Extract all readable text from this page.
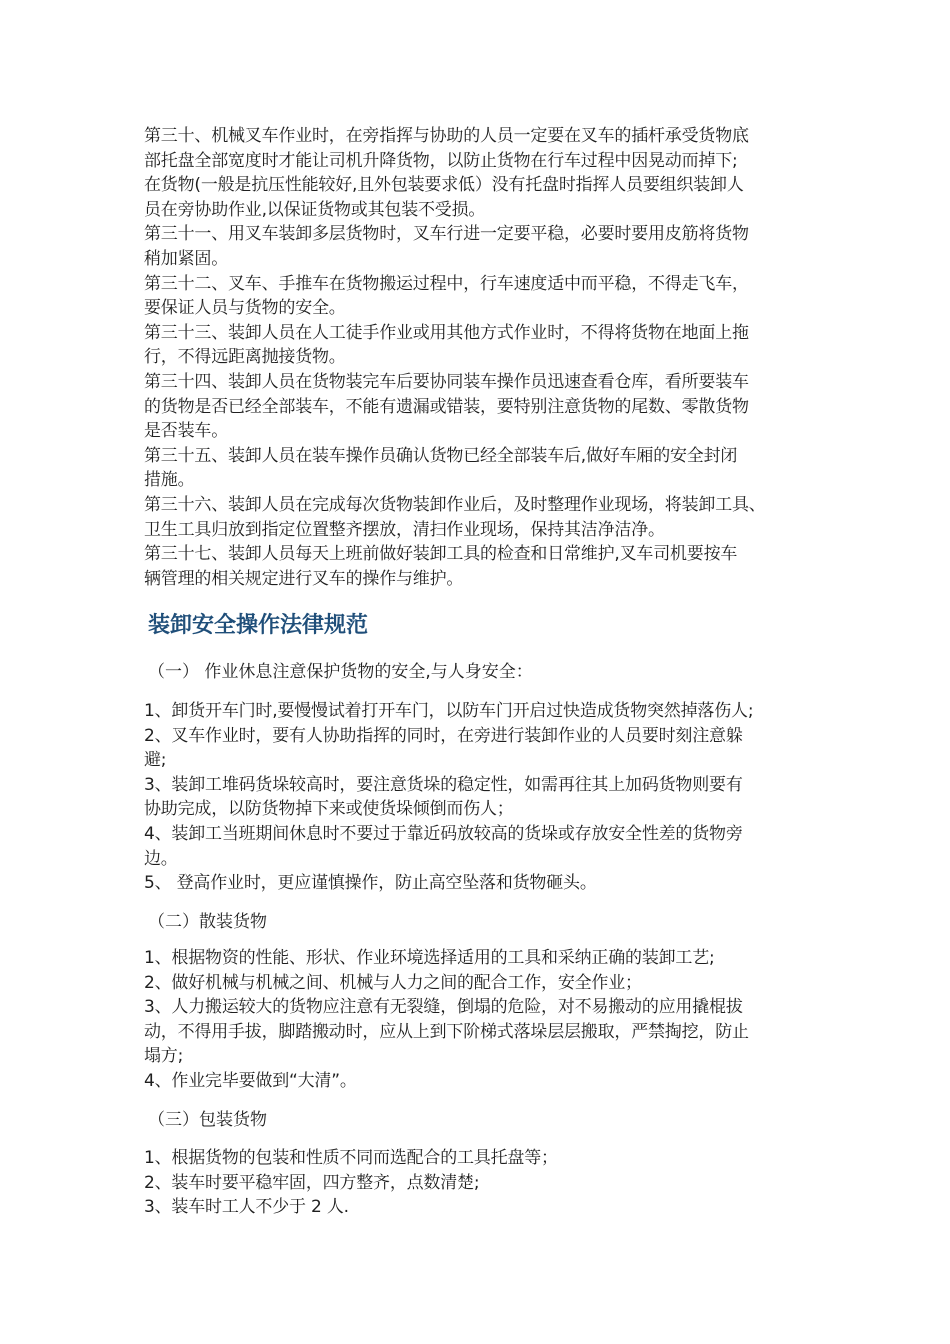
第三十、机械叉车作业时，在旁指挥与协助的人员一定要在叉车的插杆承受货物底
部托盘全部宽度时才能让司机升降货物，以防止货物在行车过程中因晃动而掉下;
在货物(一般是抗压性能较好,且外包装要求低）没有托盘时指挥人员要组织装卸人
员在旁协助作业,以保证货物或其包装不受损。
第三十一、用叉车装卸多层货物时，叉车行进一定要平稳，必要时要用皮筋将货物
稍加紧固。
第三十二、叉车、手推车在货物搬运过程中，行车速度适中而平稳，不得走飞车，
要保证人员与货物的安全。
第三十三、装卸人员在人工徒手作业或用其他方式作业时，不得将货物在地面上拖
行，不得远距离抛接货物。
第三十四、装卸人员在货物装完车后要协同装车操作员迅速查看仓库，看所要装车
的货物是否已经全部装车，不能有遗漏或错装，要特别注意货物的尾数、零散货物
是否装车。
第三十五、装卸人员在装车操作员确认货物已经全部装车后,做好车厢的安全封闭
措施。
第三十六、装卸人员在完成每次货物装卸作业后，及时整理作业现场，将装卸工具、
卫生工具归放到指定位置整齐摆放，清扫作业现场，保持其洁净洁净。
第三十七、装卸人员每天上班前做好装卸工具的检查和日常维护,叉车司机要按车
辆管理的相关规定进行叉车的操作与维护。
装卸安全操作法律规范
（一） 作业休息注意保护货物的安全,与人身安全：
1、卸货开车门时,要慢慢试着打开车门，以防车门开启过快造成货物突然掉落伤人;
2、叉车作业时，要有人协助指挥的同时，在旁进行装卸作业的人员要时刻注意躲
避;
3、装卸工堆码货垛较高时，要注意货垛的稳定性，如需再往其上加码货物则要有
协助完成，以防货物掉下来或使货垛倾倒而伤人；
4、装卸工当班期间休息时不要过于靠近码放较高的货垛或存放安全性差的货物旁
边。
5、 登高作业时，更应谨慎操作，防止高空坠落和货物砸头。
（二）散装货物
1、根据物资的性能、形状、作业环境选择适用的工具和采纳正确的装卸工艺;
2、做好机械与机械之间、机械与人力之间的配合工作，安全作业；
3、人力搬运较大的货物应注意有无裂缝，倒塌的危险，对不易搬动的应用撬棍拔
动，不得用手拔，脚踏搬动时，应从上到下阶梯式落垛层层搬取，严禁掏挖，防止
塌方;
4、作业完毕要做到“大清”。
（三）包装货物
1、根据货物的包装和性质不同而选配合的工具托盘等；
2、装车时要平稳牢固，四方整齐，点数清楚;
3、装车时工人不少于 2 人.
